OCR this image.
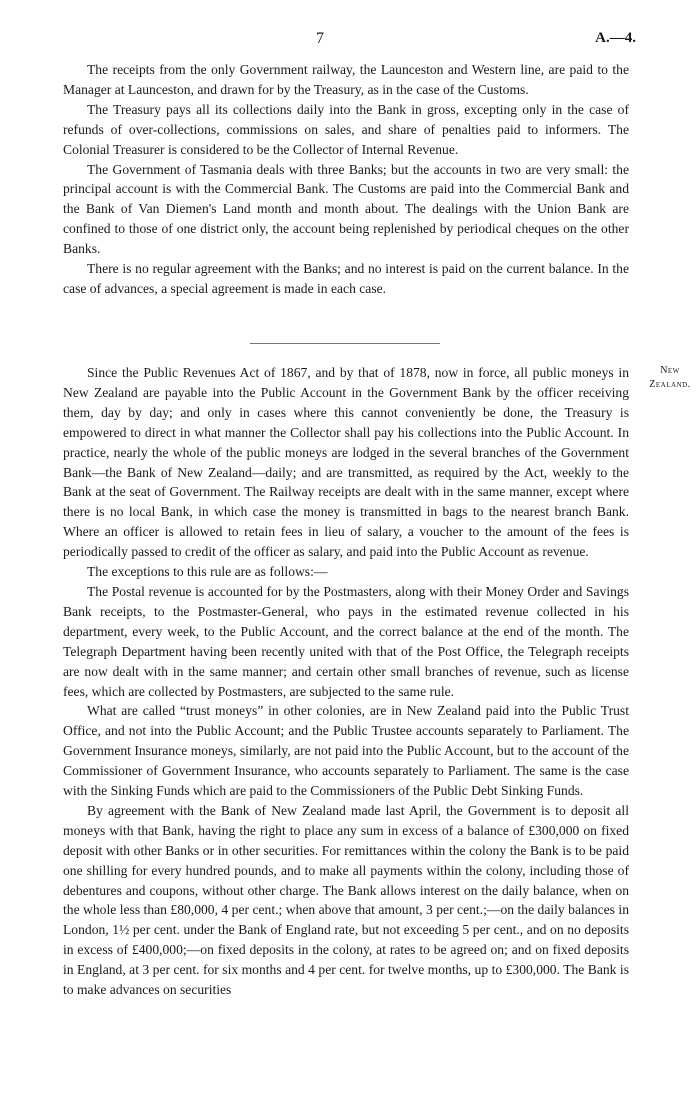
7	A.—4.

The receipts from the only Government railway, the Launceston and Western line, are paid to the Manager at Launceston, and drawn for by the Treasury, as in the case of the Customs.

The Treasury pays all its collections daily into the Bank in gross, excepting only in the case of refunds of over-collections, commissions on sales, and share of penalties paid to informers. The Colonial Treasurer is considered to be the Collector of Internal Revenue.

The Government of Tasmania deals with three Banks; but the accounts in two are very small: the principal account is with the Commercial Bank. The Customs are paid into the Commercial Bank and the Bank of Van Diemen's Land month and month about. The dealings with the Union Bank are confined to those of one district only, the account being replenished by periodical cheques on the other Banks.

There is no regular agreement with the Banks; and no interest is paid on the current balance. In the case of advances, a special agreement is made in each case.

New
Zealand.

Since the Public Revenues Act of 1867, and by that of 1878, now in force, all public moneys in New Zealand are payable into the Public Account in the Government Bank by the officer receiving them, day by day; and only in cases where this cannot conveniently be done, the Treasury is empowered to direct in what manner the Collector shall pay his collections into the Public Account. In practice, nearly the whole of the public moneys are lodged in the several branches of the Government Bank—the Bank of New Zealand—daily; and are transmitted, as required by the Act, weekly to the Bank at the seat of Government. The Railway receipts are dealt with in the same manner, except where there is no local Bank, in which case the money is transmitted in bags to the nearest branch Bank. Where an officer is allowed to retain fees in lieu of salary, a voucher to the amount of the fees is periodically passed to credit of the officer as salary, and paid into the Public Account as revenue.

The exceptions to this rule are as follows:—

The Postal revenue is accounted for by the Postmasters, along with their Money Order and Savings Bank receipts, to the Postmaster-General, who pays in the estimated revenue collected in his department, every week, to the Public Account, and the correct balance at the end of the month. The Telegraph Department having been recently united with that of the Post Office, the Telegraph receipts are now dealt with in the same manner; and certain other small branches of revenue, such as license fees, which are collected by Postmasters, are subjected to the same rule.

What are called “trust moneys” in other colonies, are in New Zealand paid into the Public Trust Office, and not into the Public Account; and the Public Trustee accounts separately to Parliament. The Government Insurance moneys, similarly, are not paid into the Public Account, but to the account of the Commissioner of Government Insurance, who accounts separately to Parliament. The same is the case with the Sinking Funds which are paid to the Commissioners of the Public Debt Sinking Funds.

By agreement with the Bank of New Zealand made last April, the Government is to deposit all moneys with that Bank, having the right to place any sum in excess of a balance of £300,000 on fixed deposit with other Banks or in other securities. For remittances within the colony the Bank is to be paid one shilling for every hundred pounds, and to make all payments within the colony, including those of debentures and coupons, without other charge. The Bank allows interest on the daily balance, when on the whole less than £80,000, 4 per cent.; when above that amount, 3 per cent.;—on the daily balances in London, 1½ per cent. under the Bank of England rate, but not exceeding 5 per cent., and on no deposits in excess of £400,000;—on fixed deposits in the colony, at rates to be agreed on; and on fixed deposits in England, at 3 per cent. for six months and 4 per cent. for twelve months, up to £300,000. The Bank is to make advances on securities
